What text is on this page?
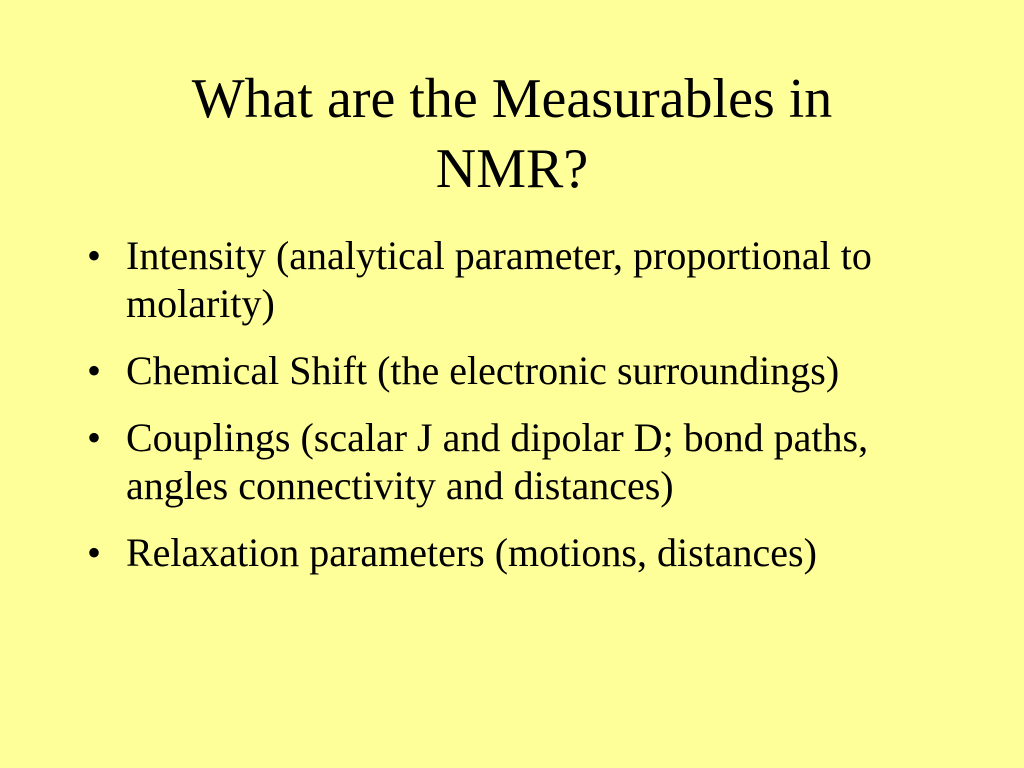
What are the Measurables in
NMR?
• Intensity (analytical parameter, proportional to molarity)
• Chemical Shift (the electronic surroundings)
• Couplings (scalar J and dipolar D; bond paths, angles connectivity and distances)
• Relaxation parameters (motions, distances)
